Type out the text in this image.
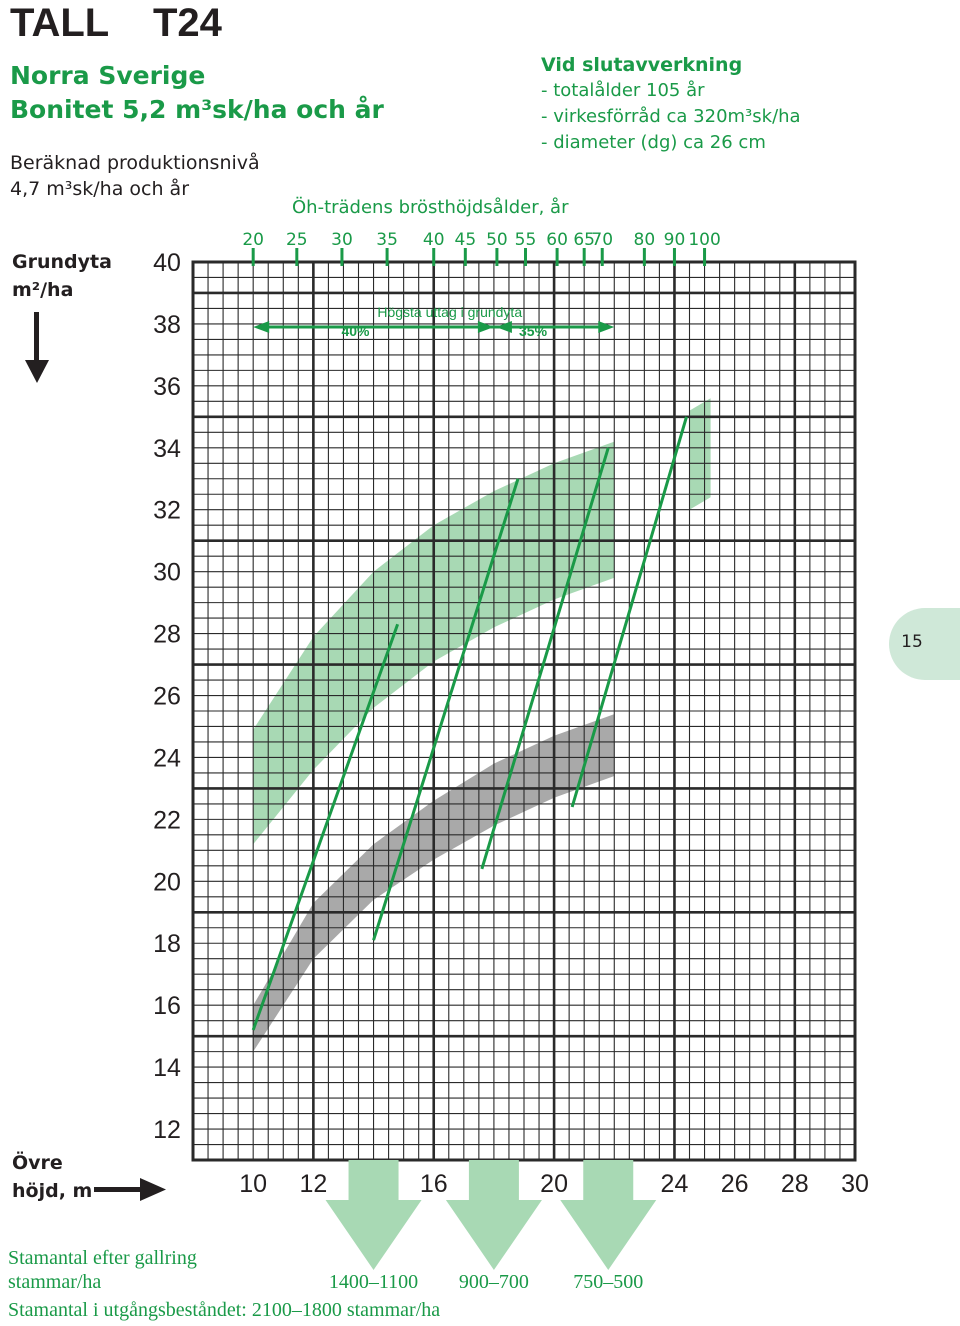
TALL    T24
Norra Sverige
Bonitet 5,2 m³sk/ha och år
Beräknad produktionsnivå
4,7 m³sk/ha och år
Vid slutavverkning
- totalålder 105 år
- virkesförråd ca 320m³sk/ha
- diameter (dg) ca 26 cm
Öh-trädens brösthöjdsålder, år
Grundyta
m²/ha
Övre
höjd, m
15
12
14
16
18
20
22
24
26
28
30
32
34
36
38
40
10 12	16	20	24 26 28 30
20 25 30 35 40 45 50 55 60 65
70 80 90 100
Högsta uttag i grundyta
40%	35%
1400–1100 900–700 750–500
Stamantal efter gallring
stammar/ha
Stamantal i utgångsbeståndet: 2100–1800 stammar/ha
